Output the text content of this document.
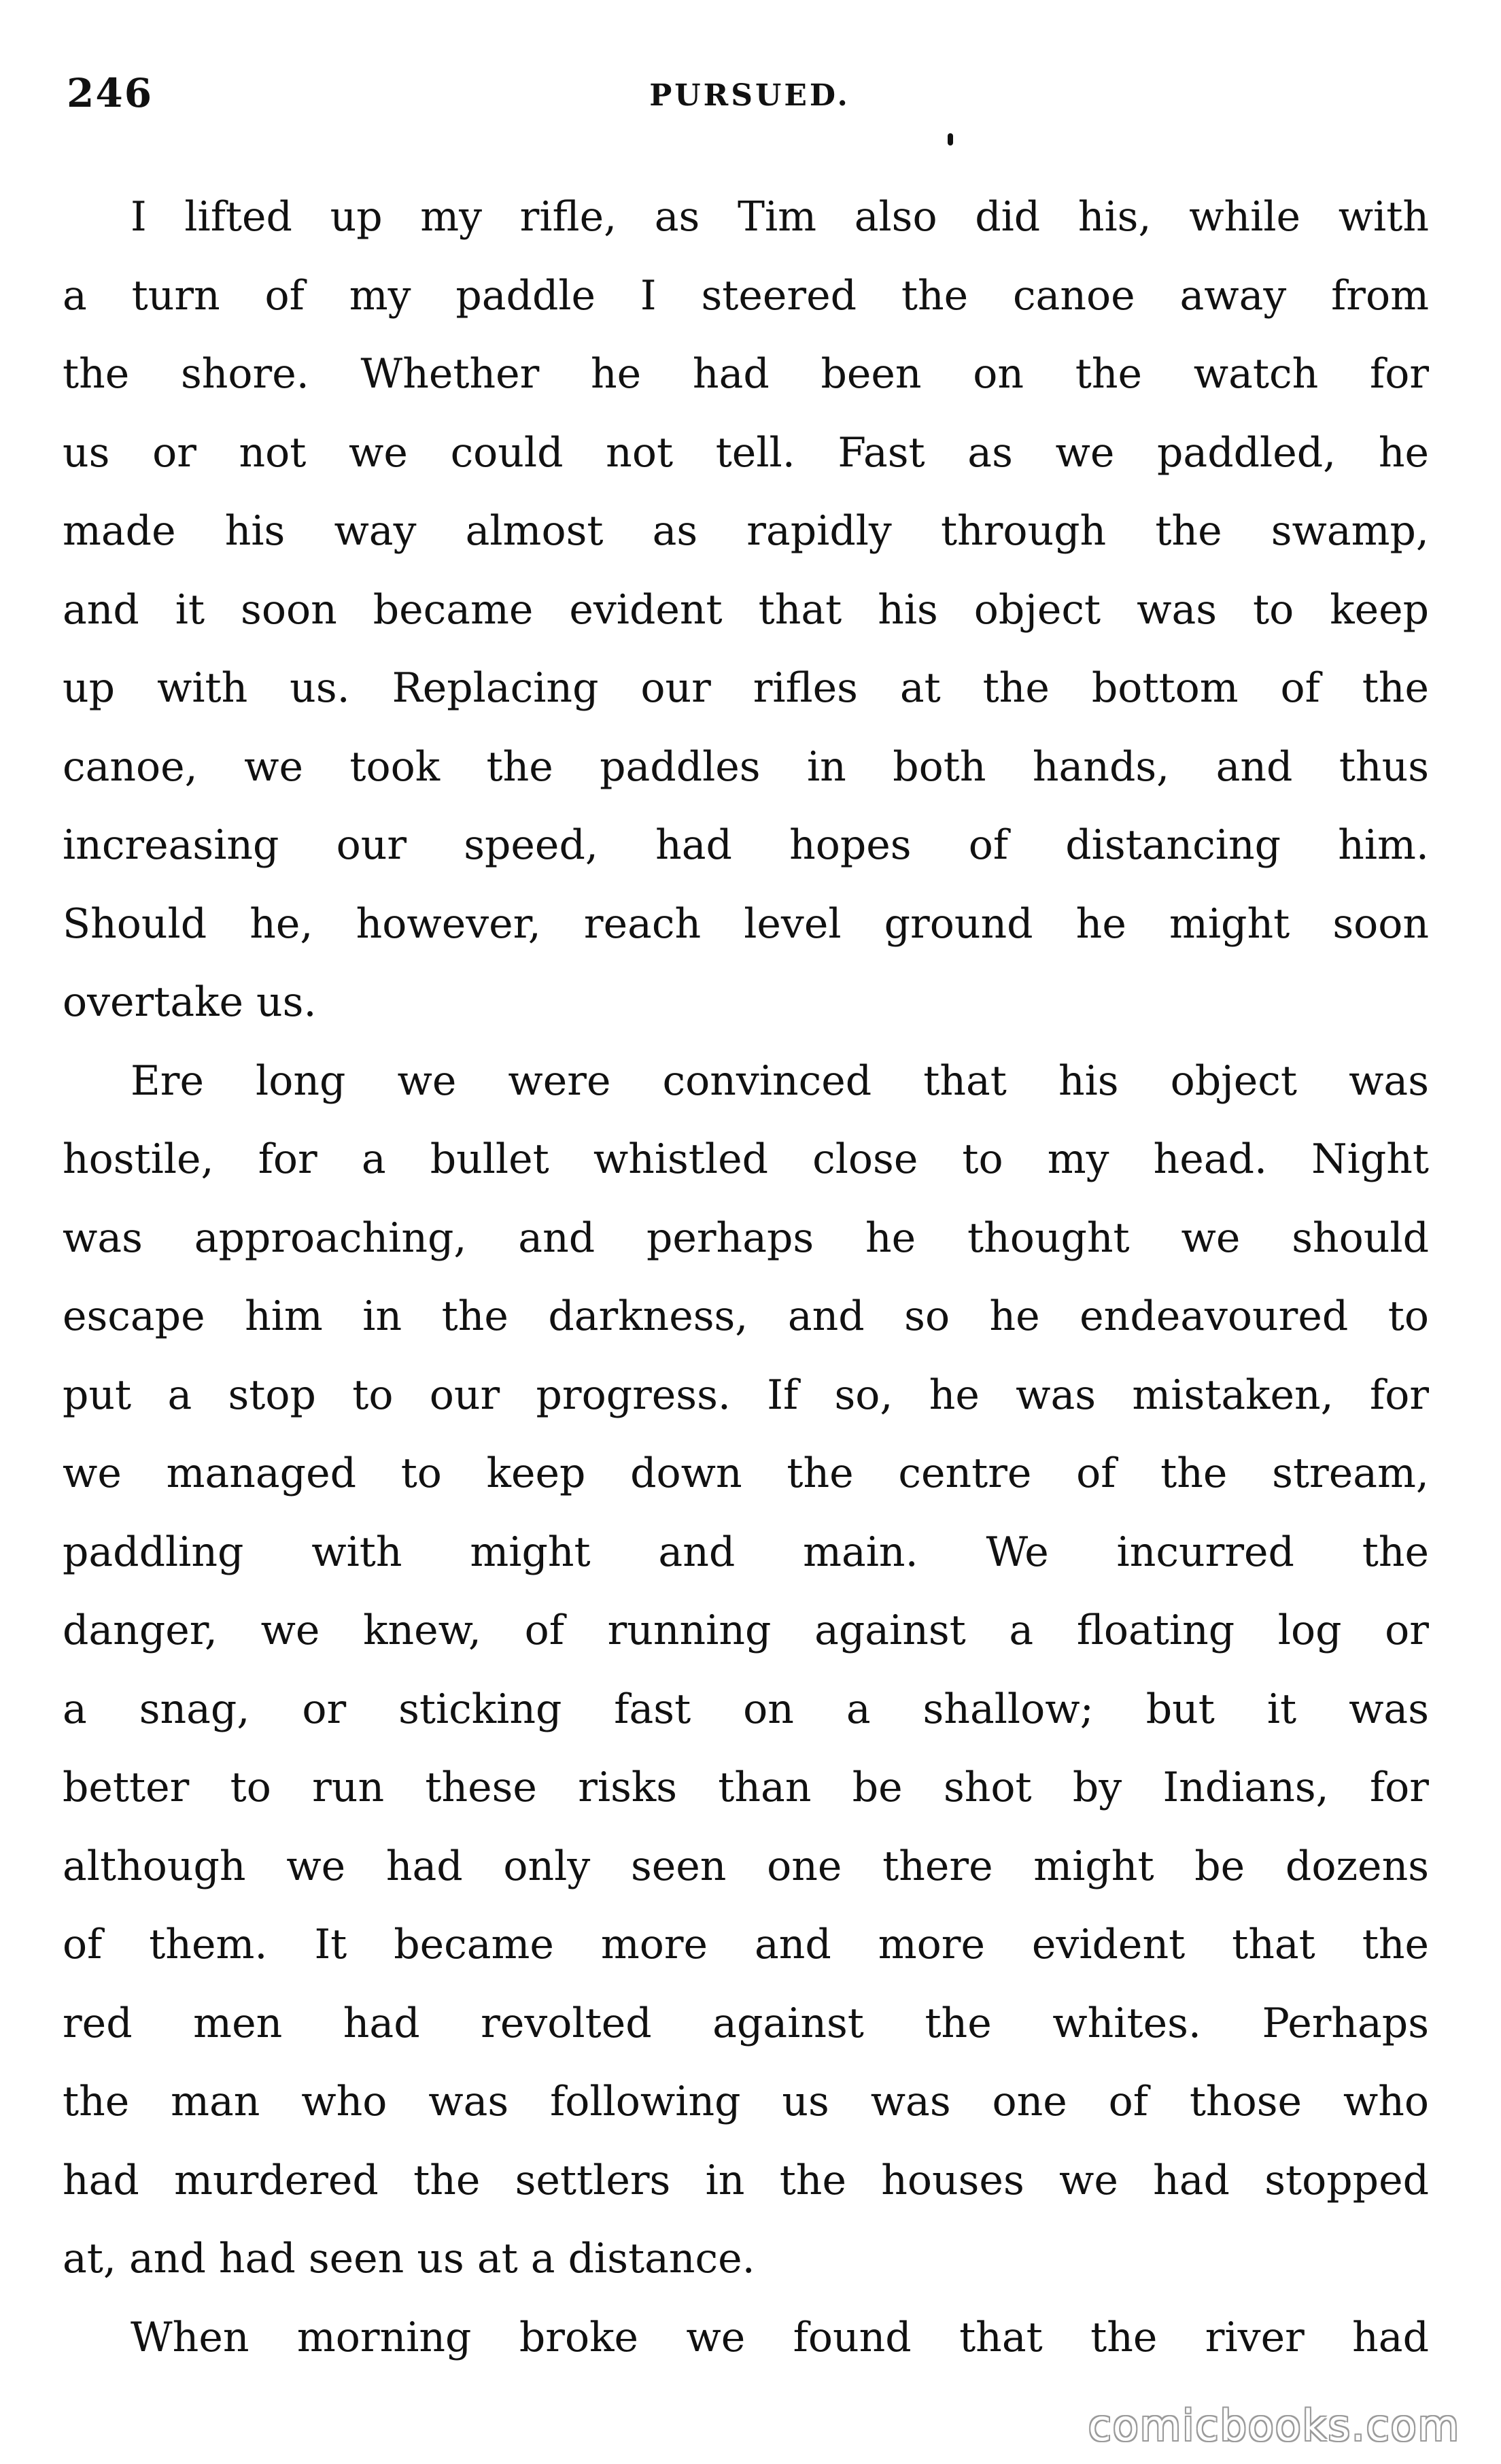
246	PURSUED.
I lifted up my rifle, as Tim also did his, while with
a turn of my paddle I steered the canoe away from
the shore. Whether he had been on the watch for
us or not we could not tell. Fast as we paddled, he
made his way almost as rapidly through the swamp,
and it soon became evident that his object was to keep
up with us. Replacing our rifles at the bottom of the
canoe, we took the paddles in both hands, and thus
increasing our speed, had hopes of distancing him.
Should he, however, reach level ground he might soon
overtake us.
Ere long we were convinced that his object was
hostile, for a bullet whistled close to my head. Night
was approaching, and perhaps he thought we should
escape him in the darkness, and so he endeavoured to
put a stop to our progress. If so, he was mistaken, for
we managed to keep down the centre of the stream,
paddling with might and main. We incurred the
danger, we knew, of running against a floating log or
a snag, or sticking fast on a shallow; but it was
better to run these risks than be shot by Indians, for
although we had only seen one there might be dozens
of them. It became more and more evident that the
red men had revolted against the whites. Perhaps
the man who was following us was one of those who
had murdered the settlers in the houses we had stopped
at, and had seen us at a distance.
When morning broke we found that the river had
comicbooks.com
